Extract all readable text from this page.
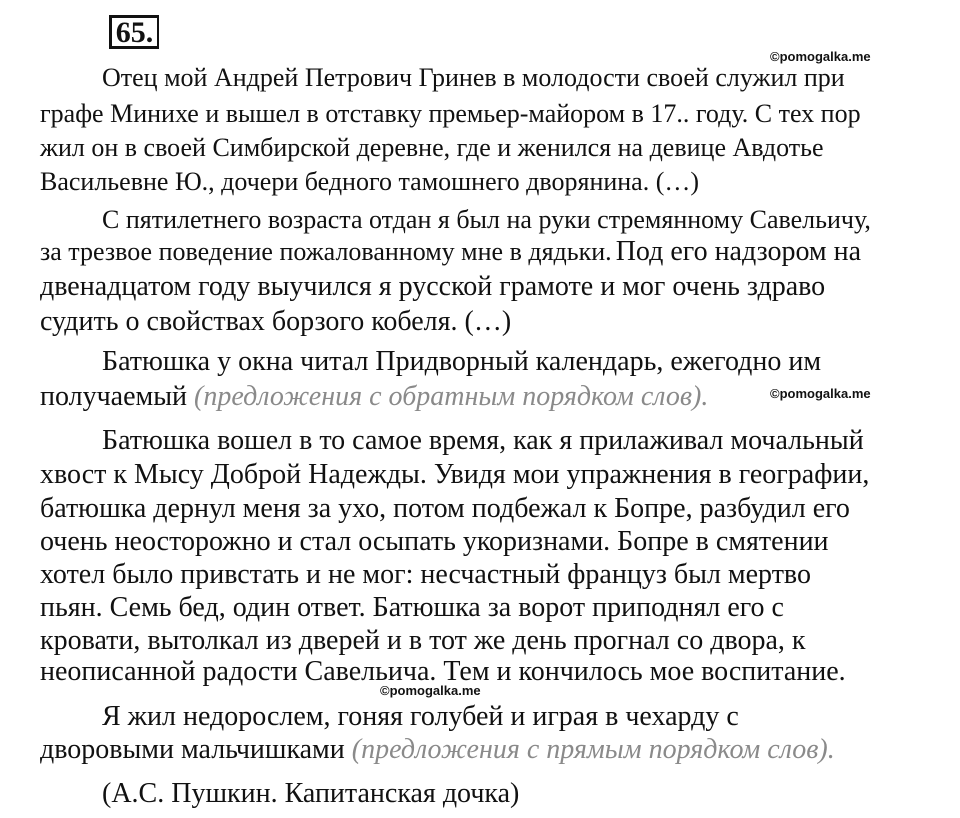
65.
©pomogalka.me
©pomogalka.me
©pomogalka.me

Отец мой Андрей Петрович Гринев в молодости своей служил при

графе Минихе и вышел в отставку премьер-майором в 17.. году. С тех пор

жил он в своей Симбирской деревне, где и женился на девице Авдотье

Васильевне Ю., дочери бедного тамошнего дворянина. (…)

С пятилетнего возраста отдан я был на руки стремянному Савельичу,

за трезвое поведение пожалованному мне в дядьки. Под его надзором на

двенадцатом году выучился я русской грамоте и мог очень здраво

судить о свойствах борзого кобеля. (…)

Батюшка у окна читал Придворный календарь, ежегодно им

получаемый (предложения с обратным порядком слов).

Батюшка вошел в то самое время, как я прилаживал мочальный

хвост к Мысу Доброй Надежды. Увидя мои упражнения в географии,

батюшка дернул меня за ухо, потом подбежал к Бопре, разбудил его

очень неосторожно и стал осыпать укоризнами. Бопре в смятении

хотел было привстать и не мог: несчастный француз был мертво

пьян. Семь бед, один ответ. Батюшка за ворот приподнял его с

кровати, вытолкал из дверей и в тот же день прогнал со двора, к

неописанной радости Савельича. Тем и кончилось мое воспитание.

Я жил недорослем, гоняя голубей и играя в чехарду с

дворовыми мальчишками (предложения с прямым порядком слов).

(А.С. Пушкин. Капитанская дочка)
